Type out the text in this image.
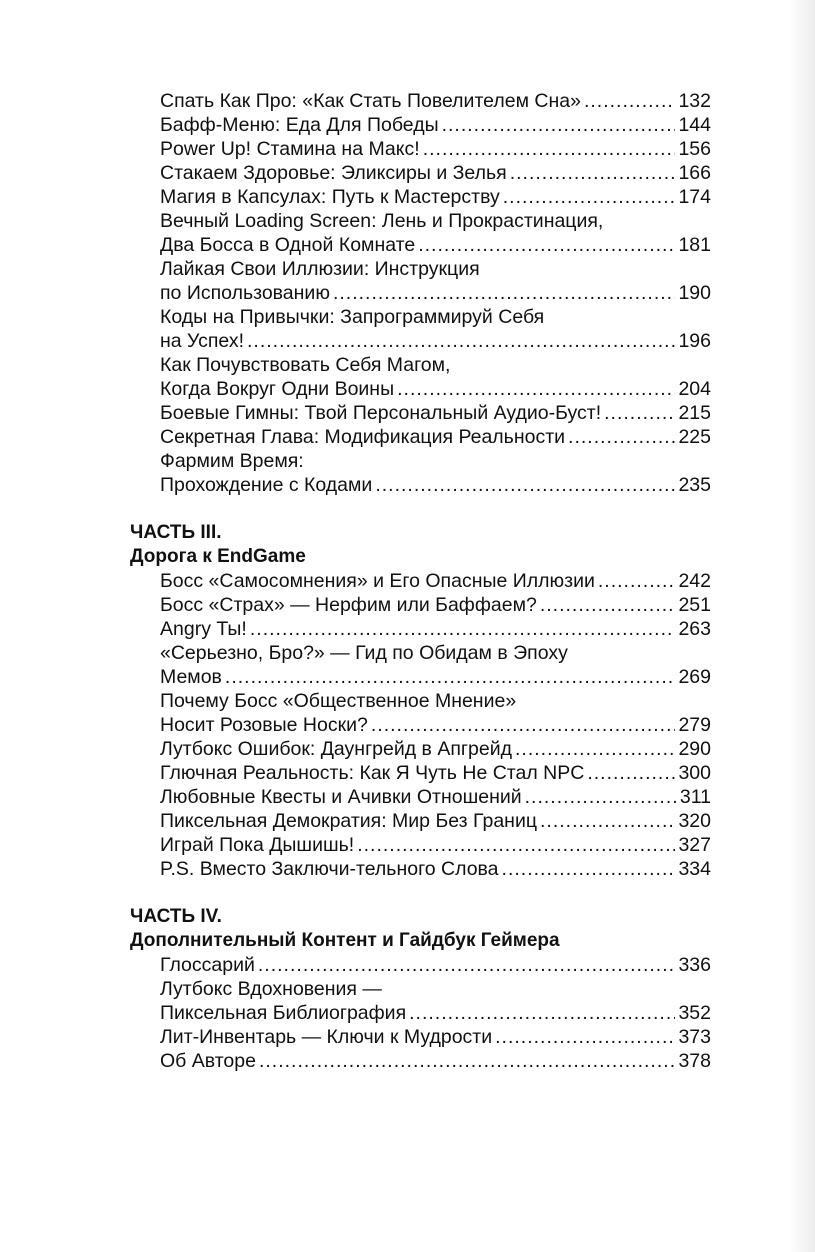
Спать Как Про: «Как Стать Повелителем Сна» .....	132
Бафф-Меню: Еда Для Победы .....	144
Power Up! Стамина на Макс! .....	156
Стакаем Здоровье: Эликсиры и Зелья .....	166
Магия в Капсулах: Путь к Мастерству .....	174
Вечный Loading Screen: Лень и Прокрастинация,
Два Босса в Одной Комнате .....	181
Лайкая Свои Иллюзии: Инструкция
по Использованию .....	190
Коды на Привычки: Запрограммируй Себя
на Успех! .....	196
Как Почувствовать Себя Магом,
Когда Вокруг Одни Воины .....	204
Боевые Гимны: Твой Персональный Аудио-Буст! .....	215
Секретная Глава: Модификация Реальности .....	225
Фармим Время:
Прохождение с Кодами .....	235
ЧАСТЬ III.
Дорога к EndGame
Босс «Самосомнения» и Его Опасные Иллюзии .....	242
Босс «Страх» — Нерфим или Баффаем? .....	251
Angry Ты! .....	263
«Серьезно, Бро?» — Гид по Обидам в Эпоху
Мемов .....	269
Почему Босс «Общественное Мнение»
Носит Розовые Носки? .....	279
Лутбокс Ошибок: Даунгрейд в Апгрейд .....	290
Глючная Реальность: Как Я Чуть Не Стал NPC .....	300
Любовные Квесты и Ачивки Отношений .....	311
Пиксельная Демократия: Мир Без Границ .....	320
Играй Пока Дышишь! .....	327
P.S. Вместо Заключи-тельного Слова .....	334
ЧАСТЬ IV.
Дополнительный Контент и Гайдбук Геймера
Глоссарий .....	336
Лутбокс Вдохновения —
Пиксельная Библиография .....	352
Лит-Инвентарь — Ключи к Мудрости .....	373
Об Авторе .....	378
